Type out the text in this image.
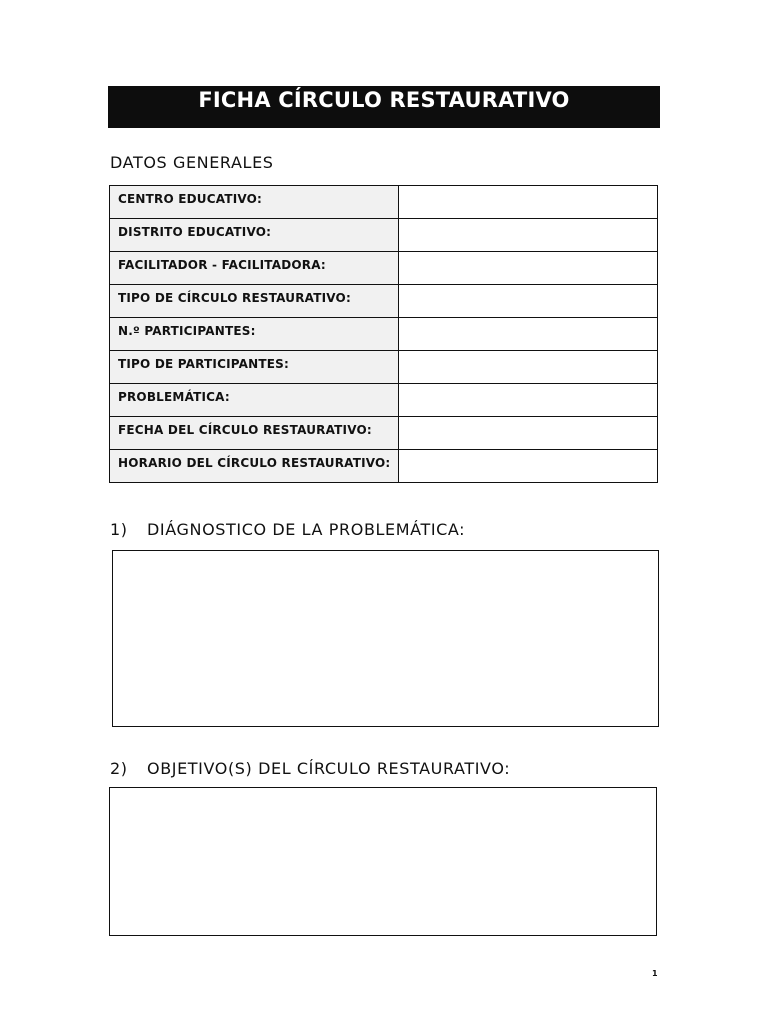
FICHA CÍRCULO RESTAURATIVO
DATOS GENERALES
CENTRO EDUCATIVO:	
DISTRITO EDUCATIVO:	
FACILITADOR - FACILITADORA:	
TIPO DE CÍRCULO RESTAURATIVO:	
N.º PARTICIPANTES:	
TIPO DE PARTICIPANTES:	
PROBLEMÁTICA:	
FECHA DEL CÍRCULO RESTAURATIVO:	
HORARIO DEL CÍRCULO RESTAURATIVO:	
1)	DIÁGNOSTICO DE LA PROBLEMÁTICA:
2)	OBJETIVO(S) DEL CÍRCULO RESTAURATIVO:
1
